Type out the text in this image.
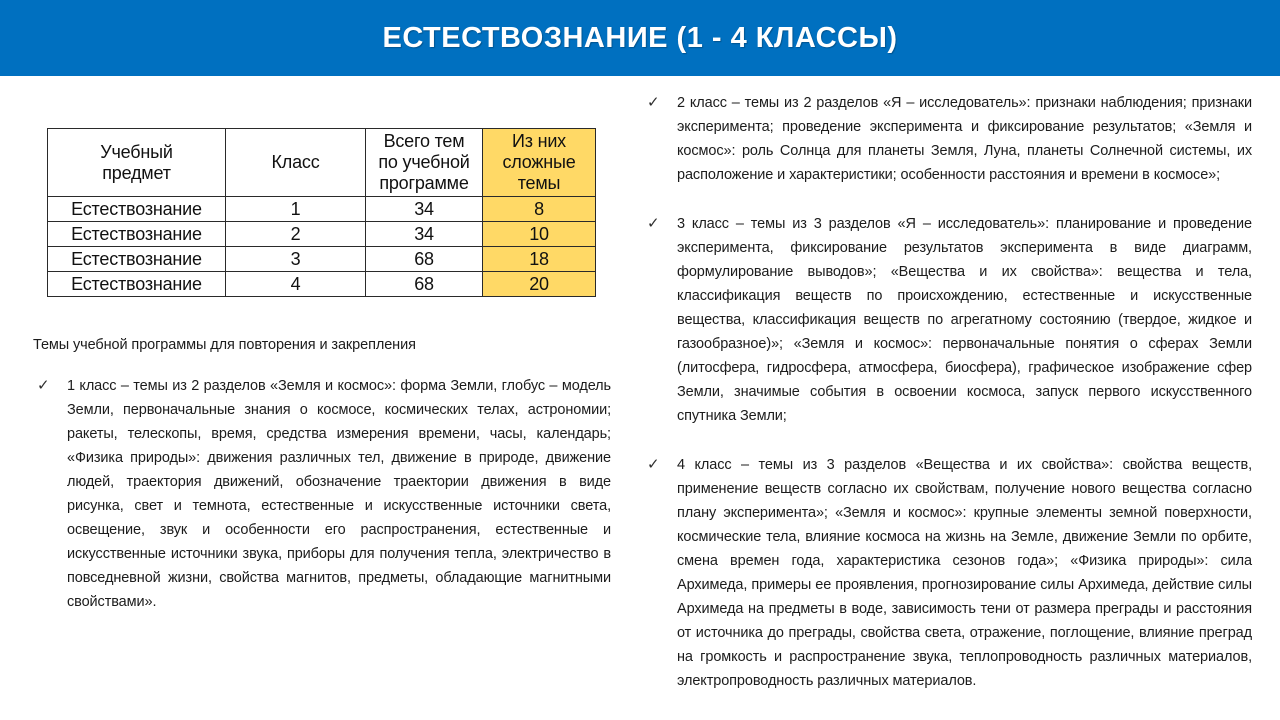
ЕСТЕСТВОЗНАНИЕ (1 - 4 КЛАССЫ)
Учебный предмет	Класс	Всего тем по учебной программе	Из них сложные темы
Естествознание	1	34	8
Естествознание	2	34	10
Естествознание	3	68	18
Естествознание	4	68	20

Темы учебной программы для повторения и закрепления

✓	1 класс – темы из 2 разделов «Земля и космос»: форма Земли, глобус – модель Земли, первоначальные знания о космосе, космических телах, астрономии; ракеты, телескопы, время, средства измерения времени, часы, календарь; «Физика природы»: движения различных тел, движение в природе, движение людей, траектория движений, обозначение траектории движения в виде рисунка, свет и темнота, естественные и искусственные источники света, освещение, звук и особенности его распространения, естественные и искусственные источники звука, приборы для получения тепла, электричество в повседневной жизни, свойства магнитов, предметы, обладающие магнитными свойствами».
✓	2 класс – темы из 2 разделов «Я – исследователь»: признаки наблюдения; признаки эксперимента; проведение эксперимента и фиксирование результатов; «Земля и космос»: роль Солнца для планеты Земля, Луна, планеты Солнечной системы, их расположение и характеристики; особенности расстояния и времени в космосе»;
✓	3 класс – темы из 3 разделов «Я – исследователь»: планирование и проведение эксперимента, фиксирование результатов эксперимента в виде диаграмм, формулирование выводов»; «Вещества и их свойства»: вещества и тела, классификация веществ по происхождению, естественные и искусственные вещества, классификация веществ по агрегатному состоянию (твердое, жидкое и газообразное)»; «Земля и космос»: первоначальные понятия о сферах Земли (литосфера, гидросфера, атмосфера, биосфера), графическое изображение сфер Земли, значимые события в освоении космоса, запуск первого искусственного спутника Земли;
✓	4 класс – темы из 3 разделов «Вещества и их свойства»: свойства веществ, применение веществ согласно их свойствам, получение нового вещества согласно плану эксперимента»; «Земля и космос»: крупные элементы земной поверхности, космические тела, влияние космоса на жизнь на Земле, движение Земли по орбите, смена времен года, характеристика сезонов года»; «Физика природы»: сила Архимеда, примеры ее проявления, прогнозирование силы Архимеда, действие силы Архимеда на предметы в воде, зависимость тени от размера преграды и расстояния от источника до преграды, свойства света, отражение, поглощение, влияние преград на громкость и распространение звука, теплопроводность различных материалов, электропроводность различных материалов.
